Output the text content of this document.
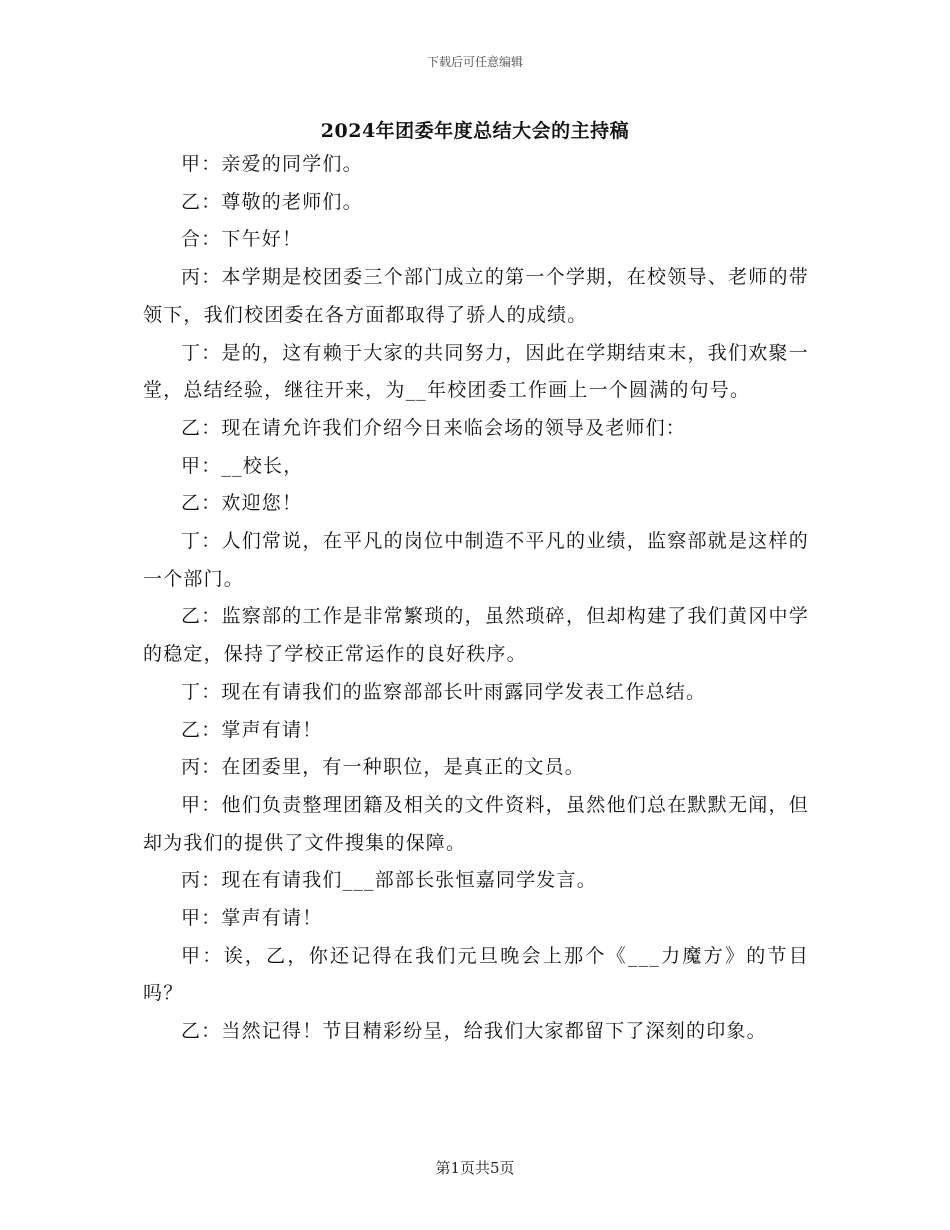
下载后可任意编辑
2024年团委年度总结大会的主持稿

甲：亲爱的同学们。

乙：尊敬的老师们。

合：下午好！

丙：本学期是校团委三个部门成立的第一个学期，在校领导、老师的带领下，我们校团委在各方面都取得了骄人的成绩。

丁：是的，这有赖于大家的共同努力，因此在学期结束末，我们欢聚一堂，总结经验，继往开来，为__年校团委工作画上一个圆满的句号。

乙：现在请允许我们介绍今日来临会场的领导及老师们：

甲：__校长，

乙：欢迎您！

丁：人们常说，在平凡的岗位中制造不平凡的业绩，监察部就是这样的一个部门。

乙：监察部的工作是非常繁琐的，虽然琐碎，但却构建了我们黄冈中学的稳定，保持了学校正常运作的良好秩序。

丁：现在有请我们的监察部部长叶雨露同学发表工作总结。

乙：掌声有请！

丙：在团委里，有一种职位，是真正的文员。

甲：他们负责整理团籍及相关的文件资料，虽然他们总在默默无闻，但却为我们的提供了文件搜集的保障。

丙：现在有请我们___部部长张恒嘉同学发言。

甲：掌声有请！

甲：诶，乙，你还记得在我们元旦晚会上那个《___力魔方》的节目吗？

乙：当然记得！节目精彩纷呈，给我们大家都留下了深刻的印象。

第1页共5页
